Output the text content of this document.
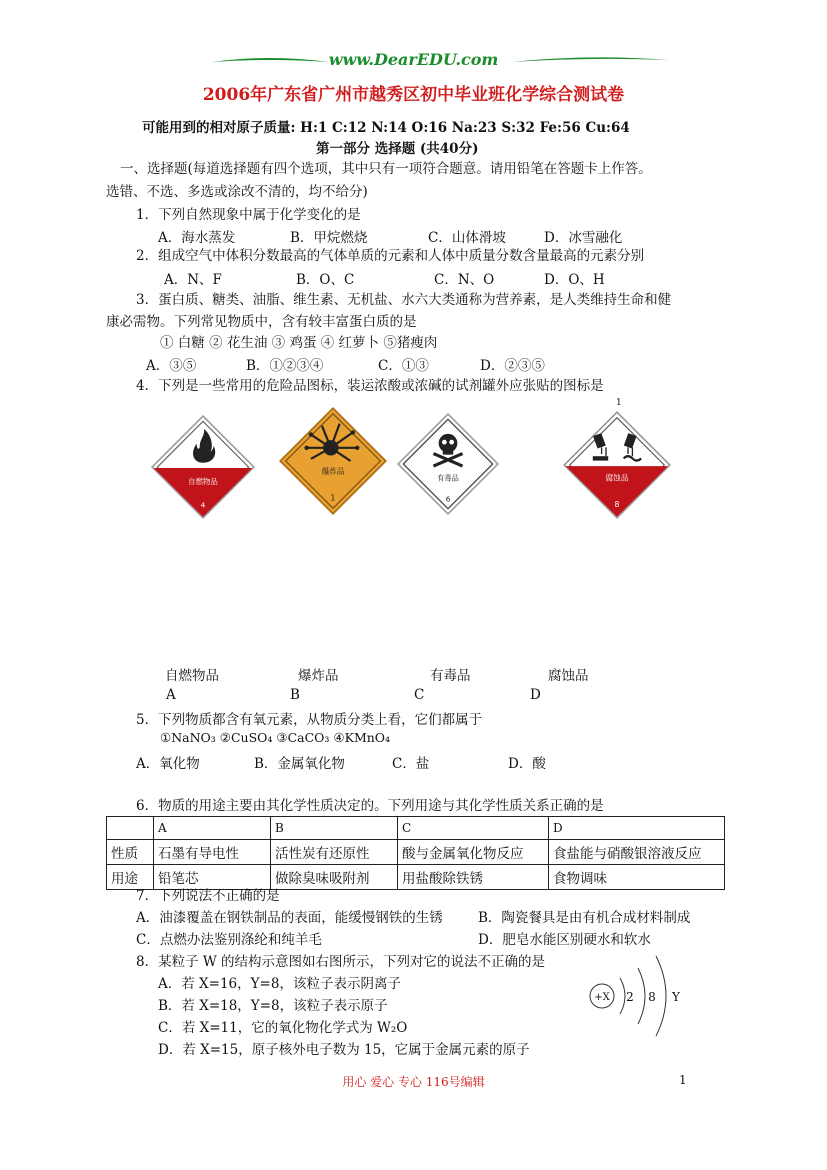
www.DearEDU.com
2006年广东省广州市越秀区初中毕业班化学综合测试卷
可能用到的相对原子质量: H:1 C:12 N:14 O:16 Na:23 S:32 Fe:56 Cu:64
第一部分 选择题 (共40分)
一、选择题(每道选择题有四个选项，其中只有一项符合题意。请用铅笔在答题卡上作答。
选错、不选、多选或涂改不清的，均不给分)
1．下列自然现象中属于化学变化的是
A．海水蒸发	B．甲烷燃烧	C．山体滑坡	D．冰雪融化
2．组成空气中体积分数最高的气体单质的元素和人体中质量分数含量最高的元素分别
A．N、F	B．O、C	C．N、O	D．O、H
3．蛋白质、糖类、油脂、维生素、无机盐、水六大类通称为营养素，是人类维持生命和健
康必需物。下列常见物质中，含有较丰富蛋白质的是
① 白糖 ② 花生油 ③ 鸡蛋 ④ 红萝卜 ⑤猪瘦肉
A．③⑤	B．①②③④	C．①③	D．②③⑤
4．下列是一些常用的危险品图标，装运浓酸或浓碱的试剂罐外应张贴的图标是
1
自燃物品
4
爆炸品
1
有毒品
6
腐蚀品
8
自燃物品	爆炸品	有毒品	腐蚀品
A	B	C	D
5．下列物质都含有氧元素，从物质分类上看，它们都属于
①NaNO₃ ②CuSO₄ ③CaCO₃ ④KMnO₄
A．氧化物	B．金属氧化物	C．盐	D．酸
6．物质的用途主要由其化学性质决定的。下列用途与其化学性质关系正确的是
	A	B	C	D
性质	石墨有导电性	活性炭有还原性	酸与金属氧化物反应	食盐能与硝酸银溶液反应
用途	铅笔芯	做除臭味吸附剂	用盐酸除铁锈	食物调味
7．下列说法不正确的是
A．油漆覆盖在钢铁制品的表面，能缓慢钢铁的生锈	B．陶瓷餐具是由有机合成材料制成
C．点燃办法鉴别涤纶和纯羊毛	D．肥皂水能区别硬水和软水
8．某粒子 W 的结构示意图如右图所示，下列对它的说法不正确的是
A．若 X=16，Y=8，该粒子表示阴离子
B．若 X=18，Y=8，该粒子表示原子
C．若 X=11，它的氧化物化学式为 W₂O
D．若 X=15，原子核外电子数为 15，它属于金属元素的原子
+X 2 8 Y
用心 爱心 专心 116号编辑	1
